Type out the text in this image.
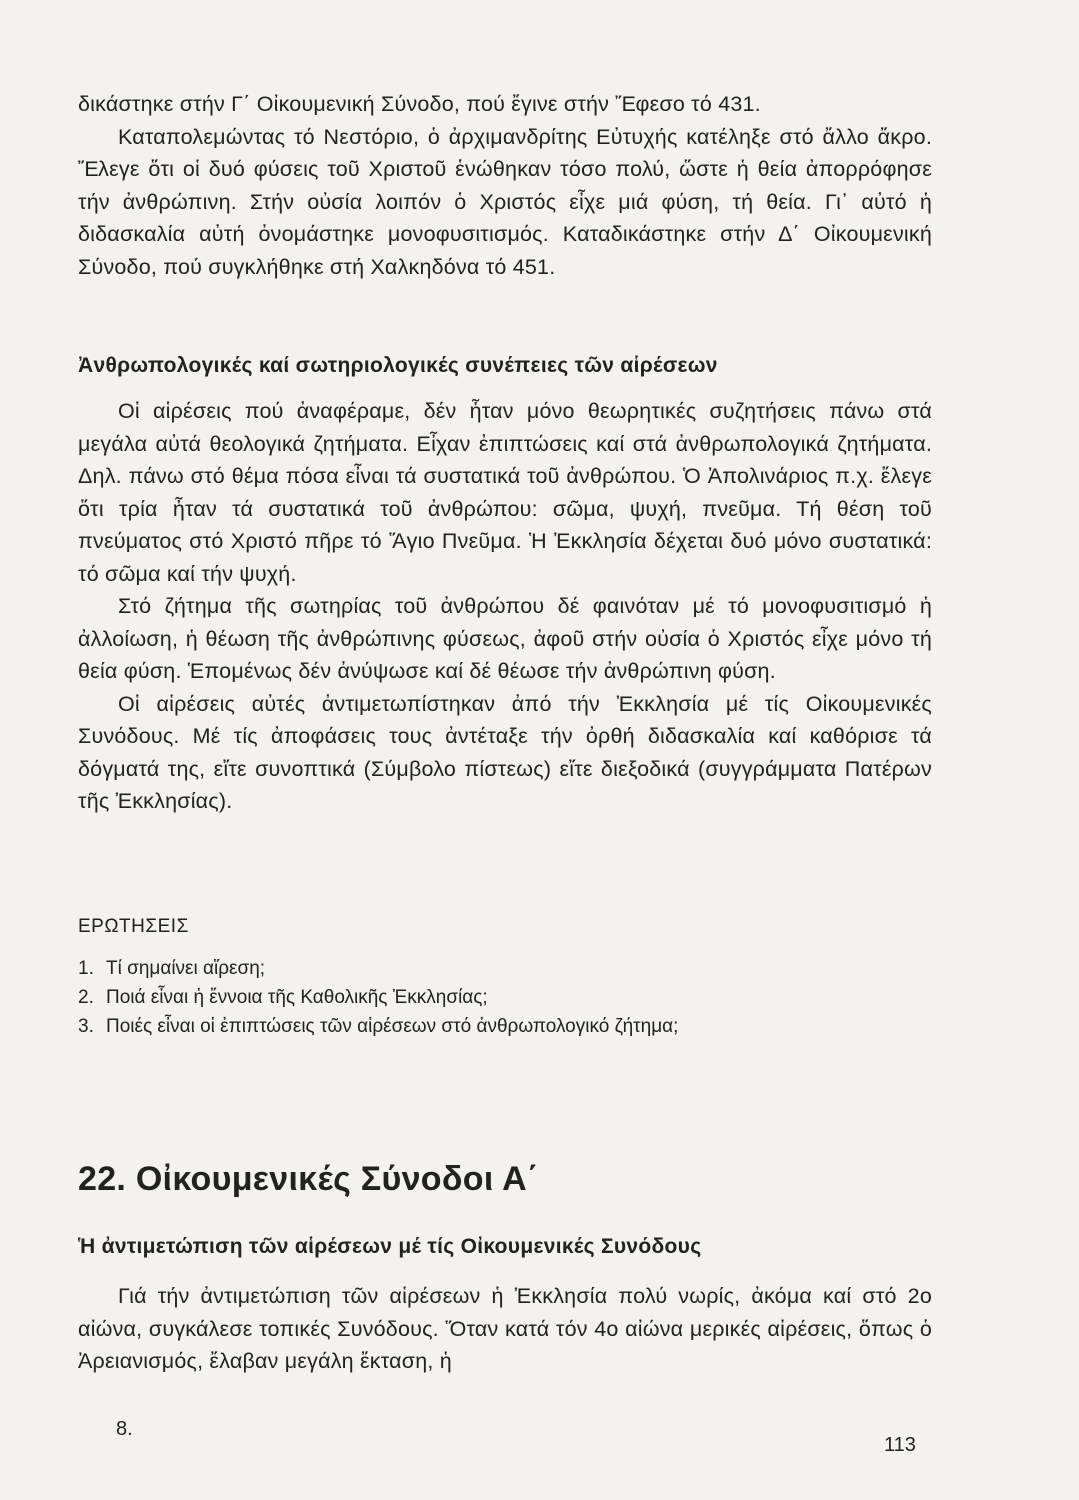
δικάστηκε στήν Γ΄ Οἰκουμενική Σύνοδο, πού ἔγινε στήν Ἔφεσο τό 431.

Καταπολεμώντας τό Νεστόριο, ὁ ἀρχιμανδρίτης Εὐτυχής κατέληξε στό ἄλλο ἄκρο. Ἔλεγε ὅτι οἱ δυό φύσεις τοῦ Χριστοῦ ἑνώθηκαν τόσο πολύ, ὥστε ἡ θεία ἀπορρόφησε τήν ἀνθρώπινη. Στήν οὐσία λοιπόν ὁ Χριστός εἶχε μιά φύση, τή θεία. Γι᾿ αὐτό ἡ διδασκαλία αὐτή ὀνομάστηκε μονοφυσιτισμός. Καταδικάστηκε στήν Δ΄ Οἰκουμενική Σύνοδο, πού συγκλήθηκε στή Χαλκηδόνα τό 451.

Ἀνθρωπολογικές καί σωτηριολογικές συνέπειες τῶν αἱρέσεων

Οἱ αἱρέσεις πού ἀναφέραμε, δέν ἦταν μόνο θεωρητικές συζητήσεις πάνω στά μεγάλα αὐτά θεολογικά ζητήματα. Εἶχαν ἐπιπτώσεις καί στά ἀνθρωπολογικά ζητήματα. Δηλ. πάνω στό θέμα πόσα εἶναι τά συστατικά τοῦ ἀνθρώπου. Ὁ Ἀπολινάριος π.χ. ἔλεγε ὅτι τρία ἦταν τά συστατικά τοῦ ἀνθρώπου: σῶμα, ψυχή, πνεῦμα. Τή θέση τοῦ πνεύματος στό Χριστό πῆρε τό Ἅγιο Πνεῦμα. Ἡ Ἐκκλησία δέχεται δυό μόνο συστατικά: τό σῶμα καί τήν ψυχή.

Στό ζήτημα τῆς σωτηρίας τοῦ ἀνθρώπου δέ φαινόταν μέ τό μονοφυσιτισμό ἡ ἀλλοίωση, ἡ θέωση τῆς ἀνθρώπινης φύσεως, ἀφοῦ στήν οὐσία ὁ Χριστός εἶχε μόνο τή θεία φύση. Ἑπομένως δέν ἀνύψωσε καί δέ θέωσε τήν ἀνθρώπινη φύση.

Οἱ αἱρέσεις αὐτές ἀντιμετωπίστηκαν ἀπό τήν Ἐκκλησία μέ τίς Οἰκουμενικές Συνόδους. Μέ τίς ἀποφάσεις τους ἀντέταξε τήν ὀρθή διδασκαλία καί καθόρισε τά δόγματά της, εἴτε συνοπτικά (Σύμβολο πίστεως) εἴτε διεξοδικά (συγγράμματα Πατέρων τῆς Ἐκκλησίας).

ΕΡΩΤΗΣΕΙΣ

1. Τί σημαίνει αἵρεση;
2. Ποιά εἶναι ἡ ἔννοια τῆς Καθολικῆς Ἐκκλησίας;
3. Ποιές εἶναι οἱ ἐπιπτώσεις τῶν αἱρέσεων στό ἀνθρωπολογικό ζήτημα;

22. Οἰκουμενικές Σύνοδοι Α΄

Ἡ ἀντιμετώπιση τῶν αἱρέσεων μέ τίς Οἰκουμενικές Συνόδους

Γιά τήν ἀντιμετώπιση τῶν αἱρέσεων ἡ Ἐκκλησία πολύ νωρίς, ἀκόμα καί στό 2ο αἰώνα, συγκάλεσε τοπικές Συνόδους. Ὅταν κατά τόν 4ο αἰώνα μερικές αἱρέσεις, ὅπως ὁ Ἀρειανισμός, ἔλαβαν μεγάλη ἔκταση, ἡ

8.
113
